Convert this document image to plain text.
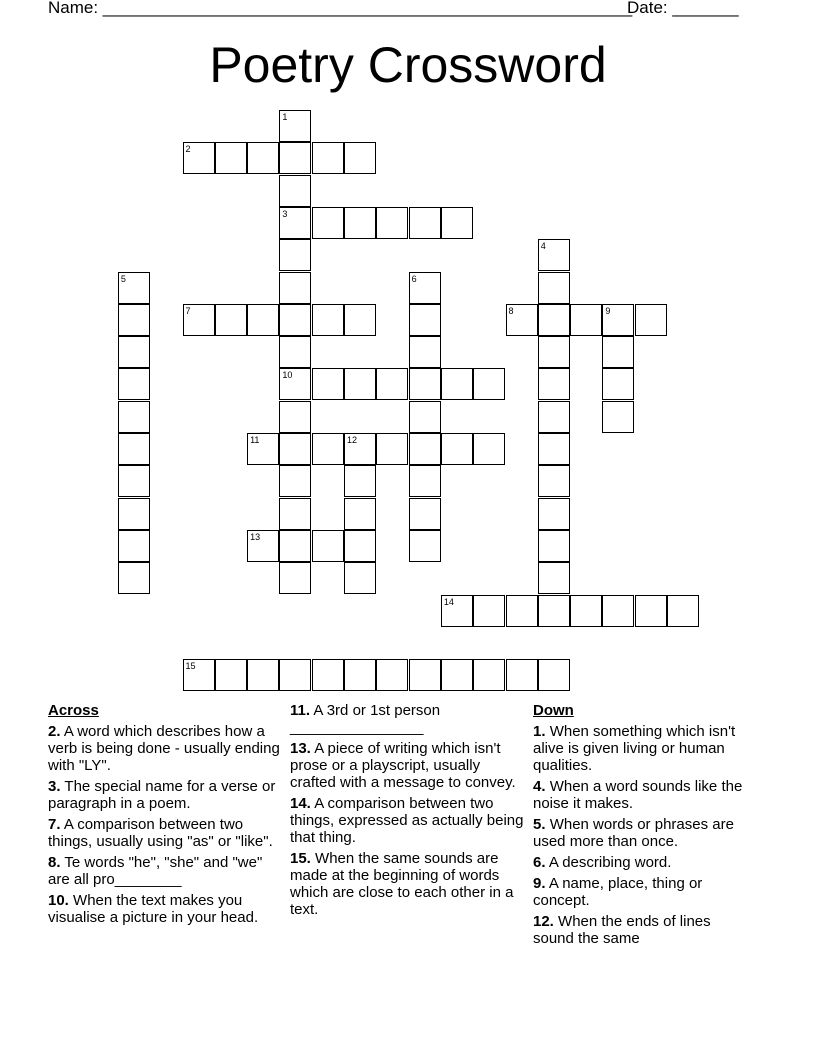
Name: ________________________________________________________
Date: _______
Poetry Crossword
1
3
10
2
4
5	6
7	8	9
11	12
13
14
15
Across
2. A word which describes how a verb is being done - usually ending with "LY".
3. The special name for a verse or paragraph in a poem.
7. A comparison between two things, usually using "as" or "like".
8. Te words "he", "she" and "we" are all pro________
10. When the text makes you visualise a picture in your head.
11. A 3rd or 1st person ________________
13. A piece of writing which isn't prose or a playscript, usually crafted with a message to convey.
14. A comparison between two things, expressed as actually being that thing.
15. When the same sounds are made at the beginning of words which are close to each other in a text.
Down
1. When something which isn't alive is given living or human qualities.
4. When a word sounds like the noise it makes.
5. When words or phrases are used more than once.
6. A describing word.
9. A name, place, thing or concept.
12. When the ends of lines sound the same
